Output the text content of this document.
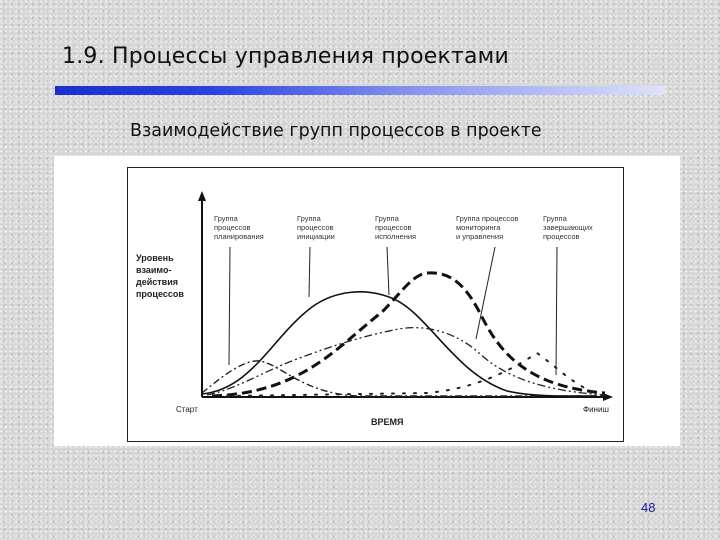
1.9. Процессы управления проектами
Взаимодействие групп процессов в проекте
Уровень взаимо- действия процессов
Старт	Финиш
ВРЕМЯ
Группа процессов планирования
Группа процессов инициации
Группа процессов исполнения
Группа процессов мониторинга и управления
Группа завершающих процессов
48
